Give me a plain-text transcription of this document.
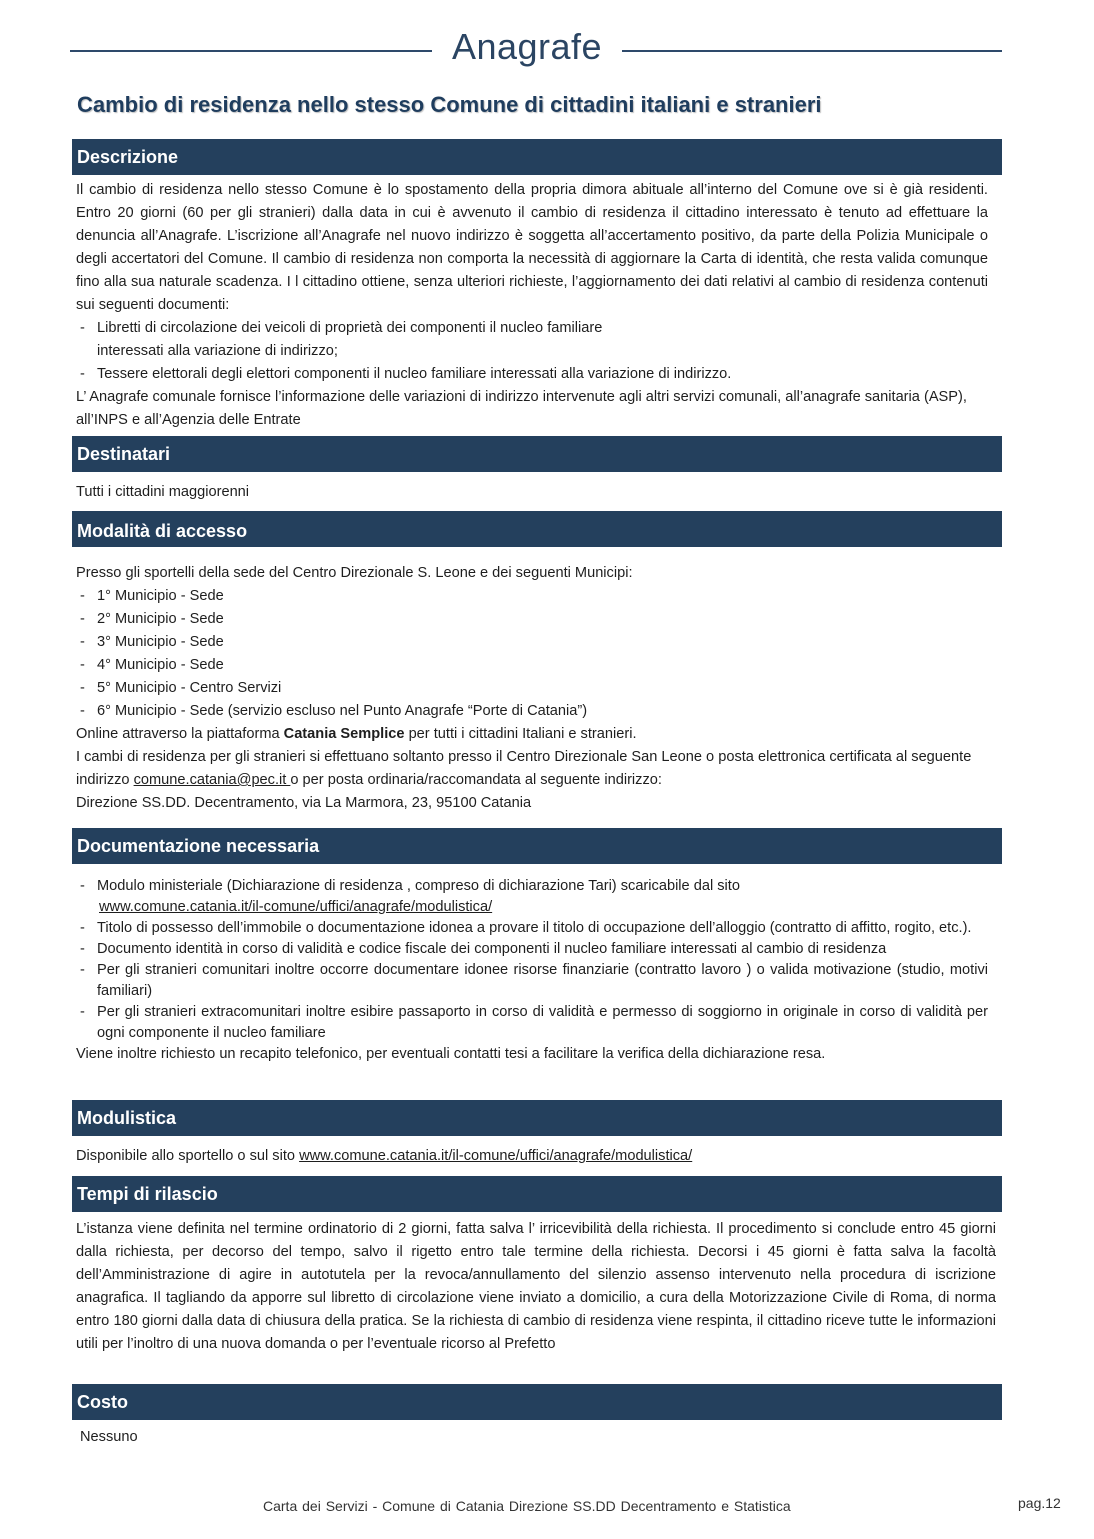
Anagrafe
Cambio di residenza nello stesso Comune di cittadini italiani e stranieri
Descrizione
Il cambio di residenza nello stesso Comune è lo spostamento della propria dimora abituale all’interno del Comune ove si è già residenti. Entro 20 giorni (60 per gli stranieri) dalla data in cui è avvenuto il cambio di residenza il cittadino interessato è tenuto ad effettuare la denuncia all’Anagrafe. L’iscrizione all’Anagrafe nel nuovo indirizzo è soggetta all’accertamento positivo, da parte della Polizia Municipale o degli accertatori del Comune. Il cambio di residenza non comporta la necessità di aggiornare la Carta di identità, che resta valida comunque fino alla sua naturale scadenza. I l cittadino ottiene, senza ulteriori richieste, l’aggiornamento dei dati relativi al cambio di residenza contenuti sui seguenti documenti:
- Libretti di circolazione dei veicoli di proprietà dei componenti il nucleo familiare interessati alla variazione di indirizzo;
- Tessere elettorali degli elettori componenti il nucleo familiare interessati alla variazione di indirizzo.
L’ Anagrafe comunale fornisce l’informazione delle variazioni di indirizzo intervenute agli altri servizi comunali, all’anagrafe sanitaria (ASP), all’INPS e all’Agenzia delle Entrate
Destinatari
Tutti i cittadini maggiorenni
Modalità di accesso
Presso gli sportelli della sede del Centro Direzionale S. Leone e dei seguenti Municipi:
- 1° Municipio - Sede
- 2° Municipio - Sede
- 3° Municipio - Sede
- 4° Municipio - Sede
- 5° Municipio - Centro Servizi
- 6° Municipio - Sede (servizio escluso nel Punto Anagrafe “Porte di Catania”)
Online attraverso la piattaforma Catania Semplice per tutti i cittadini Italiani e stranieri.
I cambi di residenza per gli stranieri si effettuano soltanto presso il Centro Direzionale San Leone o posta elettronica certificata al seguente indirizzo comune.catania@pec.it o per posta ordinaria/raccomandata al seguente indirizzo:
Direzione SS.DD. Decentramento, via La Marmora, 23, 95100 Catania
Documentazione necessaria
- Modulo ministeriale (Dichiarazione di residenza , compreso di dichiarazione Tari) scaricabile dal sito
www.comune.catania.it/il-comune/uffici/anagrafe/modulistica/
- Titolo di possesso dell’immobile o documentazione idonea a provare il titolo di occupazione dell’alloggio (contratto di affitto, rogito, etc.).
- Documento identità in corso di validità e codice fiscale dei componenti il nucleo familiare interessati al cambio di residenza
- Per gli stranieri comunitari inoltre occorre documentare idonee risorse finanziarie (contratto lavoro ) o valida motivazione (studio, motivi familiari)
- Per gli stranieri extracomunitari inoltre esibire passaporto in corso di validità e permesso di soggiorno in originale in corso di validità per ogni componente il nucleo familiare
Viene inoltre richiesto un recapito telefonico, per eventuali contatti tesi a facilitare la verifica della dichiarazione resa.
Modulistica
Disponibile allo sportello o sul sito www.comune.catania.it/il-comune/uffici/anagrafe/modulistica/
Tempi di rilascio
L’istanza viene definita nel termine ordinatorio di 2 giorni, fatta salva l’ irricevibilità della richiesta. Il procedimento si conclude entro 45 giorni dalla richiesta, per decorso del tempo, salvo il rigetto entro tale termine della richiesta. Decorsi i 45 giorni è fatta salva la facoltà dell’Amministrazione di agire in autotutela per la revoca/annullamento del silenzio assenso intervenuto nella procedura di iscrizione anagrafica. Il tagliando da apporre sul libretto di circolazione viene inviato a domicilio, a cura della Motorizzazione Civile di Roma, di norma entro 180 giorni dalla data di chiusura della pratica. Se la richiesta di cambio di residenza viene respinta, il cittadino riceve tutte le informazioni utili per l’inoltro di una nuova domanda o per l’eventuale ricorso al Prefetto
Costo
Nessuno
Carta dei Servizi - Comune di Catania Direzione SS.DD Decentramento e Statistica	pag.12
